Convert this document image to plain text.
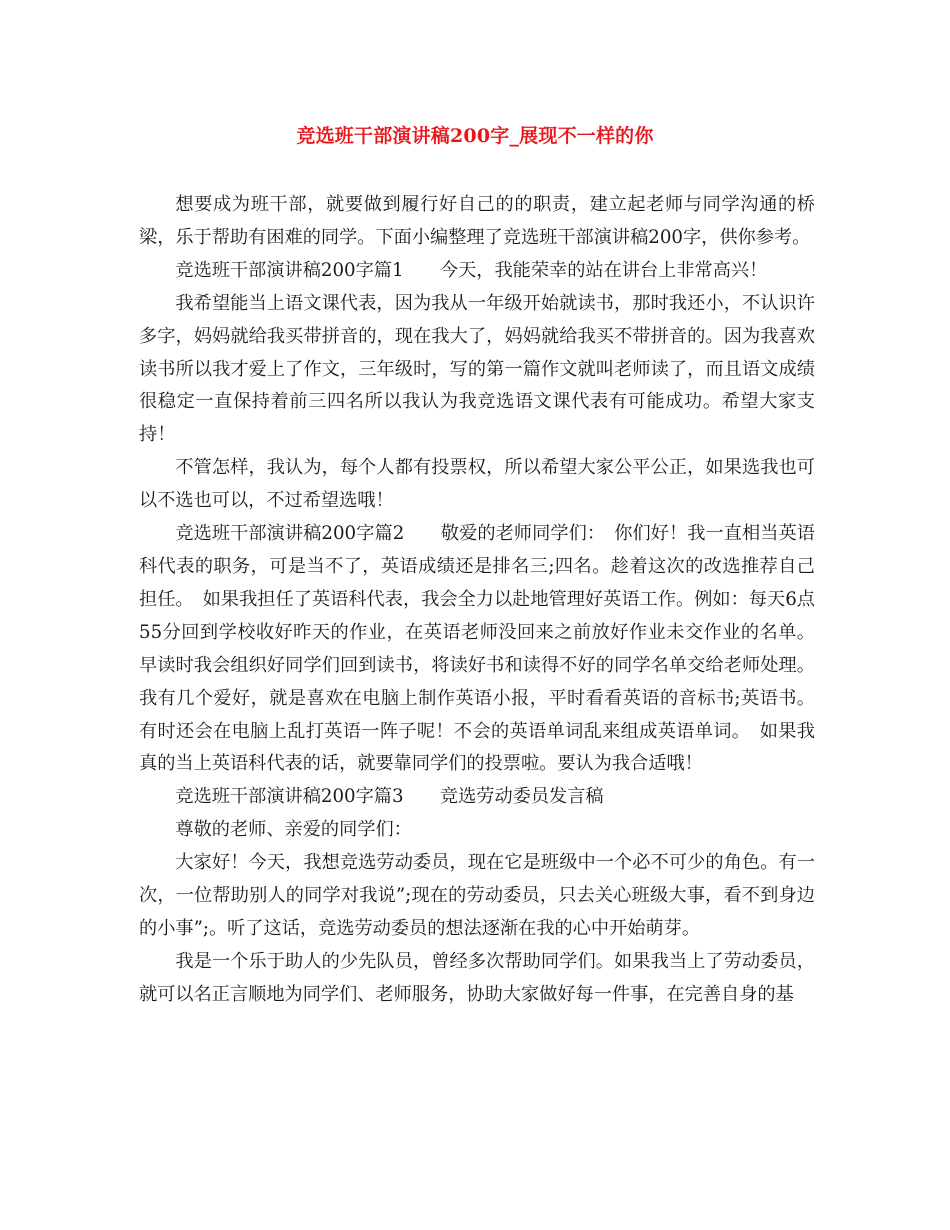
竞选班干部演讲稿200字_展现不一样的你

想要成为班干部，就要做到履行好自己的的职责，建立起老师与同学沟通的桥梁，乐于帮助有困难的同学。下面小编整理了竞选班干部演讲稿200字，供你参考。

竞选班干部演讲稿200字篇1　　今天，我能荣幸的站在讲台上非常高兴！

我希望能当上语文课代表，因为我从一年级开始就读书，那时我还小，不认识许多字，妈妈就给我买带拼音的，现在我大了，妈妈就给我买不带拼音的。因为我喜欢读书所以我才爱上了作文，三年级时，写的第一篇作文就叫老师读了，而且语文成绩很稳定一直保持着前三四名所以我认为我竞选语文课代表有可能成功。希望大家支持！

不管怎样，我认为，每个人都有投票权，所以希望大家公平公正，如果选我也可以不选也可以，不过希望选哦！

竞选班干部演讲稿200字篇2　　敬爱的老师同学们：　你们好！我一直相当英语科代表的职务，可是当不了，英语成绩还是排名三;四名。趁着这次的改选推荐自己担任。　如果我担任了英语科代表，我会全力以赴地管理好英语工作。例如：每天6点55分回到学校收好昨天的作业，在英语老师没回来之前放好作业未交作业的名单。早读时我会组织好同学们回到读书，将读好书和读得不好的同学名单交给老师处理。我有几个爱好，就是喜欢在电脑上制作英语小报，平时看看英语的音标书;英语书。有时还会在电脑上乱打英语一阵子呢！不会的英语单词乱来组成英语单词。　如果我真的当上英语科代表的话，就要靠同学们的投票啦。要认为我合适哦！

竞选班干部演讲稿200字篇3　　竞选劳动委员发言稿

尊敬的老师、亲爱的同学们：

大家好！今天，我想竞选劳动委员，现在它是班级中一个必不可少的角色。有一次，一位帮助别人的同学对我说”;现在的劳动委员，只去关心班级大事，看不到身边的小事”;。听了这话，竞选劳动委员的想法逐渐在我的心中开始萌芽。

我是一个乐于助人的少先队员，曾经多次帮助同学们。如果我当上了劳动委员，就可以名正言顺地为同学们、老师服务，协助大家做好每一件事，在完善自身的基
